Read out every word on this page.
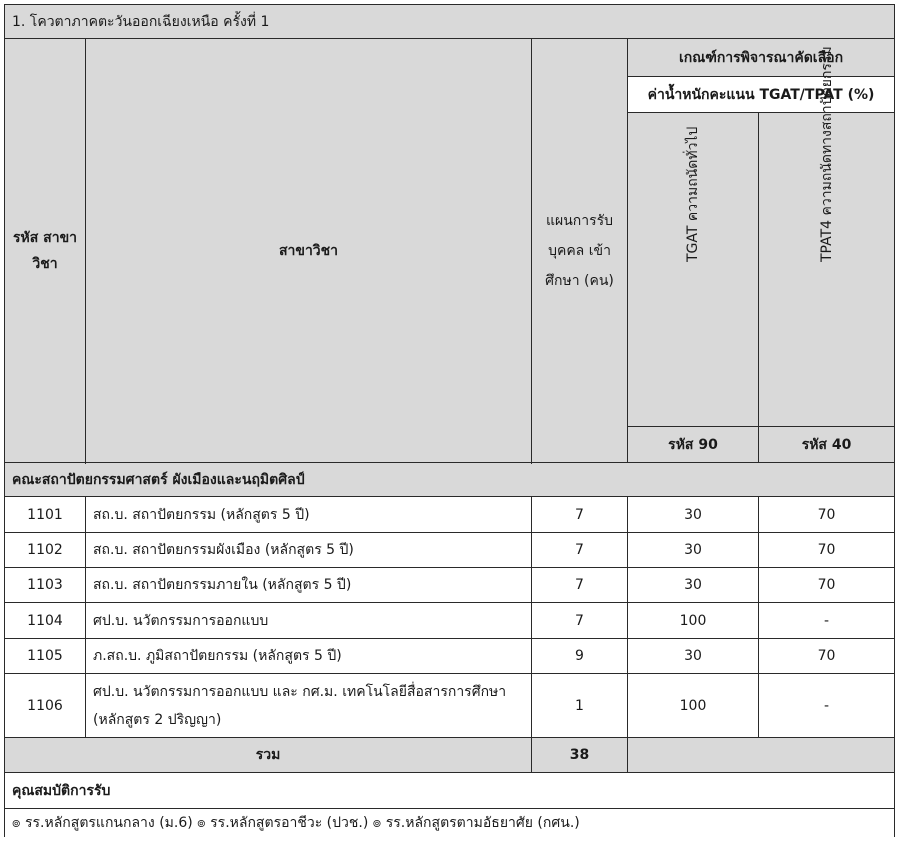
1. โควตาภาคตะวันออกเฉียงเหนือ ครั้งที่ 1				
รหัส สาขาวิชา	สาขาวิชา	แผนการรับ บุคคล เข้าศึกษา (คน)	เกณฑ์การพิจารณาคัดเลือก	
			ค่าน้ำหนักคะแนน TGAT/TPAT (%)	

			TGAT ความถนัดทั่วไป	TPAT4 ความถนัดทางสถาปัตยกรรม

			รหัส 90	รหัส 40

คณะสถาปัตยกรรมศาสตร์ ผังเมืองและนฤมิตศิลป์				
1101	สถ.บ. สถาปัตยกรรม (หลักสูตร 5 ปี)	7	30	70
1102	สถ.บ. สถาปัตยกรรมผังเมือง (หลักสูตร 5 ปี)	7	30	70
1103	สถ.บ. สถาปัตยกรรมภายใน (หลักสูตร 5 ปี)	7	30	70
1104	ศป.บ. นวัตกรรมการออกแบบ	7	100	-
1105	ภ.สถ.บ. ภูมิสถาปัตยกรรม (หลักสูตร 5 ปี)	9	30	70
1106	ศป.บ. นวัตกรรมการออกแบบ และ กศ.ม. เทคโนโลยีสื่อสารการศึกษา
(หลักสูตร 2 ปริญญา)	1	100	-
รวม		38		
คุณสมบัติการรับ				
๏ รร.หลักสูตรแกนกลาง (ม.6) ๏ รร.หลักสูตรอาชีวะ (ปวช.) ๏ รร.หลักสูตรตามอัธยาศัย (กศน.)				
